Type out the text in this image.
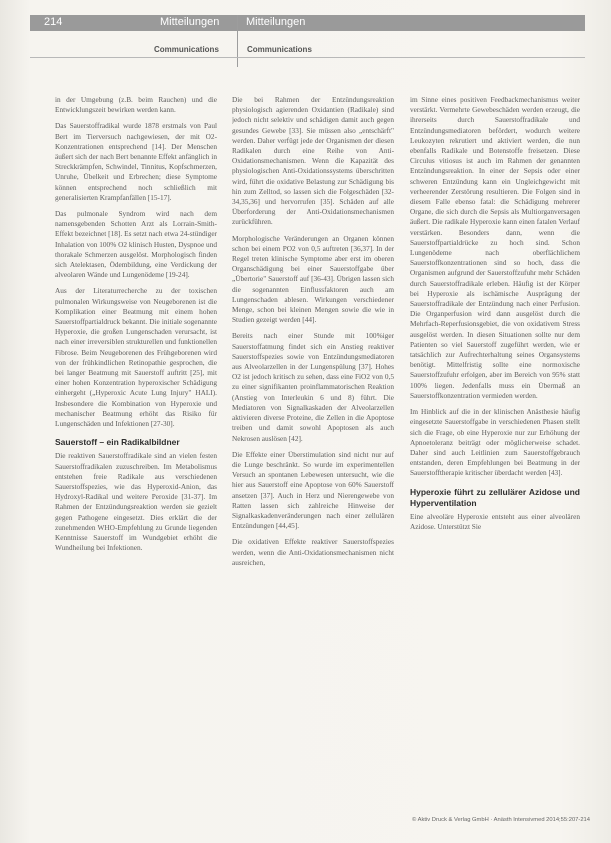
214	Mitteilungen Mitteilungen
Communications	Communications

in der Umgebung (z.B. beim Rauchen) und die Entwicklungszeit bewirken werden kann.

Das Sauerstoffradikal wurde 1878 erstmals von Paul Bert im Tierversuch nachgewiesen, der mit O2-Konzentrationen entsprechend [14]. Der Menschen äußert sich der nach Bert benannte Effekt anfänglich in Streckkrämpfen, Schwindel, Tinnitus, Kopfschmerzen, Unruhe, Übelkeit und Erbrechen; diese Symptome können entsprechend noch schließlich mit generalisierten Krampfanfällen [15-17].

Das pulmonale Syndrom wird nach dem namensgebenden Schotten Arzt als Lorrain-Smith-Effekt bezeichnet [18]. Es setzt nach etwa 24-stündiger Inhalation von 100% O2 klinisch Husten, Dyspnoe und thorakale Schmerzen ausgelöst. Morphologisch finden sich Atelektasen, Ödembildung, eine Verdickung der alveolaren Wände und Lungenödeme [19-24].

Aus der Literaturrecherche zu der toxischen pulmonalen Wirkungsweise von Neugeborenen ist die Komplikation einer Beatmung mit einem hohen Sauerstoffpartialdruck bekannt. Die initiale sogenannte Hyperoxie, die großen Lungenschaden verursacht, ist nach einer irreversiblen strukturellen und funktionellen Fibrose. Beim Neugeborenen des Frühgeborenen wird von der frühkindlichen Retinopathie gesprochen, die bei langer Beatmung mit Sauerstoff auftritt [25], mit einer hohen Konzentration hyperoxischer Schädigung einhergeht („Hyperoxic Acute Lung Injury" HALI). Insbesondere die Kombination von Hyperoxie und mechanischer Beatmung erhöht das Risiko für Lungenschäden und Infektionen [27-30].

Sauerstoff – ein Radikalbildner

Die reaktiven Sauerstoffradikale sind an vielen festen Sauerstoffradikalen zuzuschreiben. Im Metabolismus entstehen freie Radikale aus verschiedenen Sauerstoffspezies, wie das Hyperoxid-Anion, das Hydroxyl-Radikal und weitere Peroxide [31-37]. Im Rahmen der Entzündungsreaktion werden sie gezielt gegen Pathogene eingesetzt. Dies erklärt die der zunehmenden WHO-Empfehlung zu Grunde liegenden Kenntnisse Sauerstoff im Wundgebiet erhöht die Wundheilung bei Infektionen.

Die bei Rahmen der Entzündungsreaktion physiologisch agierenden Oxidantien (Radikale) sind jedoch nicht selektiv und schädigen damit auch gegen gesundes Gewebe [33]. Sie müssen also „entschärft" werden. Daher verfügt jede der Organismen der diesen Radikalen durch eine Reihe von Anti-Oxidationsmechanismen. Wenn die Kapazität des physiologischen Anti-Oxidationssystems überschritten wird, führt die oxidative Belastung zur Schädigung bis hin zum Zelltod, so lassen sich die Folgeschäden [32-34,35,36] und hervorrufen [35]. Schäden auf alle Überforderung der Anti-Oxidationsmechanismen zurückführen.

Morphologische Veränderungen an Organen können schon bei einem PO2 von 0,5 auftreten [36,37]. In der Regel treten klinische Symptome aber erst im oberen Organschädigung bei einer Sauerstoffgabe über „Übertorie" Sauerstoff auf [36-43]. Übrigen lassen sich die sogenannten Einflussfaktoren auch am Lungenschaden ablesen. Wirkungen verschiedener Menge, schon bei kleinen Mengen sowie die wie in Studien gezeigt werden [44].

Bereits nach einer Stunde mit 100%iger Sauerstoffatmung findet sich ein Anstieg reaktiver Sauerstoffspezies sowie von Entzündungsmediatoren aus Alveolarzellen in der Lungenspülung [37]. Hohes O2 ist jedoch kritisch zu sehen, dass eine FiO2 von 0,5 zu einer signifikanten proinflammatorischen Reaktion (Anstieg von Interleukin 6 und 8) führt. Die Mediatoren von Signalkaskaden der Alveolarzellen aktivieren diverse Proteine, die Zellen in die Apoptose treiben und damit sowohl Apoptosen als auch Nekrosen auslösen [42].

Die Effekte einer Überstimulation sind nicht nur auf die Lunge beschränkt. So wurde im experimentellen Versuch an spontanen Lebewesen untersucht, wie die hier aus Sauerstoff eine Apoptose von 60% Sauerstoff ansetzen [37]. Auch in Herz und Nierengewebe von Ratten lassen sich zahlreiche Hinweise der Signalkaskadenveränderungen nach einer zellulären Entzündungen [44,45].

Die oxidativen Effekte reaktiver Sauerstoffspezies werden, wenn die Anti-Oxidationsmechanismen nicht ausreichen,

im Sinne eines positiven Feedbackmechanismus weiter verstärkt. Vermehrte Gewebeschäden werden erzeugt, die ihrerseits durch Sauerstoffradikale und Entzündungsmediatoren befördert, wodurch weitere Leukozyten rekrutiert und aktiviert werden, die nun ebenfalls Radikale und Botenstoffe freisetzen. Diese Circulus vitiosus ist auch im Rahmen der genannten Entzündungsreaktion. In einer der Sepsis oder einer schweren Entzündung kann ein Ungleichgewicht mit verheerender Zerstörung resultieren. Die Folgen sind in diesem Falle ebenso fatal: die Schädigung mehrerer Organe, die sich durch die Sepsis als Multiorganversagen äußert. Die radikale Hyperoxie kann einen fatalen Verlauf verstärken. Besonders dann, wenn die Sauerstoffpartialdrücke zu hoch sind. Schon Lungenödeme nach oberflächlichem Sauerstoffkonzentrationen sind so hoch, dass die Organismen aufgrund der Sauerstoffzufuhr mehr Schäden durch Sauerstoffradikale erleben. Häufig ist der Körper bei Hyperoxie als ischämische Ausprägung der Sauerstoffradikale der Entzündung nach einer Perfusion. Die Organperfusion wird dann ausgelöst durch die Mehrfach-Reperfusionsgebiet, die von oxidativem Stress ausgelöst werden. In diesen Situationen sollte nur dem Patienten so viel Sauerstoff zugeführt werden, wie er tatsächlich zur Aufrechterhaltung seines Organsystems benötigt. Mittelfristig sollte eine normoxische Sauerstoffzufuhr erfolgen, aber im Bereich von 95% statt 100% liegen. Jedenfalls muss ein Übermaß an Sauerstoffkonzentration vermieden werden.

Im Hinblick auf die in der klinischen Anästhesie häufig eingesetzte Sauerstoffgabe in verschiedenen Phasen stellt sich die Frage, ob eine Hyperoxie nur zur Erhöhung der Apnoetoleranz beiträgt oder möglicherweise schadet. Daher sind auch Leitlinien zum Sauerstoffgebrauch entstanden, deren Empfehlungen bei Beatmung in der Sauerstofftherapie kritischer überdacht werden [43].

Hyperoxie führt zu zellulärer Azidose und Hyperventilation

Eine alveoläre Hyperoxie entsteht aus einer alveolären Azidose. Unterstützt Sie

© Aktiv Druck & Verlag GmbH · Anästh Intensivmed 2014;55:207-214
